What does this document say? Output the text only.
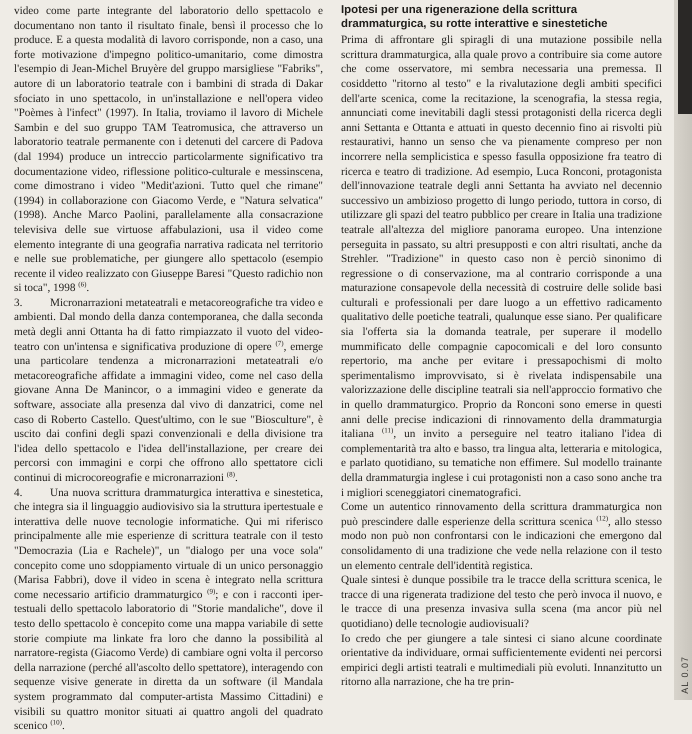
video come parte integrante del laboratorio dello spettacolo e documentano non tanto il risultato finale, bensì il processo che lo produce. E a questa modalità di lavoro corrisponde, non a caso, una forte motivazione d'impegno politico-umanitario, come dimostra l'esempio di Jean-Michel Bruyère del gruppo marsigliese "Fabriks", autore di un laboratorio teatrale con i bambini di strada di Dakar sfociato in uno spettacolo, in un'installazione e nell'opera video "Poèmes à l'infect" (1997). In Italia, troviamo il lavoro di Michele Sambin e del suo gruppo TAM Teatromusica, che attraverso un laboratorio teatrale permanente con i detenuti del carcere di Padova (dal 1994) produce un intreccio particolarmente significativo tra documentazione video, riflessione politico-culturale e messinscena, come dimostrano i video "Medit'azioni. Tutto quel che rimane"(1994) in collaborazione con Giacomo Verde, e "Natura selvatica"(1998). Anche Marco Paolini, parallelamente alla consacrazione televisiva delle sue virtuose affabulazioni, usa il video come elemento integrante di una geografia narrativa radicata nel territorio e nelle sue problematiche, per giungere allo spettacolo (esempio recente il video realizzato con Giuseppe Baresi "Questo radichio non si toca", 1998 $^{(6)}$.

3. Micronarrazioni metateatrali e metacoreografiche tra video e ambienti. Dal mondo della danza contemporanea, che dalla seconda metà degli anni Ottanta ha di fatto rimpiazzato il vuoto del video-teatro con un'intensa e significativa produzione di opere $^{(7)}$, emerge una particolare tendenza a micronarrazioni metateatrali e/o metacoreografiche affidate a immagini video, come nel caso della giovane Anna De Manincor, o a immagini video e generate da software, associate alla presenza dal vivo di danzatrici, come nel caso di Roberto Castello. Quest'ultimo, con le sue "Biosculture", è uscito dai confini degli spazi convenzionali e della divisione tra l'idea dello spettacolo e l'idea dell'installazione, per creare dei percorsi con immagini e corpi che offrono allo spettatore cicli continui di microcoreografie e micronarrazioni $^{(8)}$.

4. Una nuova scrittura drammaturgica interattiva e sinestetica, che integra sia il linguaggio audiovisivo sia la struttura ipertestuale e interattiva delle nuove tecnologie informatiche. Qui mi riferisco principalmente alle mie esperienze di scrittura teatrale con il testo "Democrazia (Lia e Rachele)", un "dialogo per una voce sola" concepito come uno sdoppiamento virtuale di un unico personaggio (Marisa Fabbri), dove il video in scena è integrato nella scrittura come necessario artificio drammaturgico $^{(9)}$; e con i racconti iper-testuali dello spettacolo laboratorio di "Storie mandaliche", dove il testo dello spettacolo è concepito come una mappa variabile di sette storie compiute ma linkate fra loro che danno la possibilità al narratore-regista (Giacomo Verde) di cambiare ogni volta il percorso della narrazione (perché all'ascolto dello spettatore), interagendo con sequenze visive generate in diretta da un software (il Mandala system programmato dal computer-artista Massimo Cittadini) e visibili su quattro monitor situati ai quattro angoli del quadrato scenico $^{(10)}$.

Ipotesi per una rigenerazione della scrittura drammaturgica, su rotte interattive e sinestetiche

Prima di affrontare gli spiragli di una mutazione possibile nella scrittura drammaturgica, alla quale provo a contribuire sia come autore che come osservatore, mi sembra necessaria una premessa. Il cosiddetto "ritorno al testo" e la rivalutazione degli ambiti specifici dell'arte scenica, come la recitazione, la scenografia, la stessa regia, annunciati come inevitabili dagli stessi protagonisti della ricerca degli anni Settanta e Ottanta e attuati in questo decennio fino ai risvolti più restaurativi, hanno un senso che va pienamente compreso per non incorrere nella semplicistica e spesso fasulla opposizione fra teatro di ricerca e teatro di tradizione. Ad esempio, Luca Ronconi, protagonista dell'innovazione teatrale degli anni Settanta ha avviato nel decennio successivo un ambizioso progetto di lungo periodo, tuttora in corso, di utilizzare gli spazi del teatro pubblico per creare in Italia una tradizione teatrale all'altezza del migliore panorama europeo. Una intenzione perseguita in passato, su altri presupposti e con altri risultati, anche da Strehler. "Tradizione" in questo caso non è perciò sinonimo di regressione o di conservazione, ma al contrario corrisponde a una maturazione consapevole della necessità di costruire delle solide basi culturali e professionali per dare luogo a un effettivo radicamento qualitativo delle poetiche teatrali, qualunque esse siano. Per qualificare sia l'offerta sia la domanda teatrale, per superare il modello mummificato delle compagnie capocomicali e del loro consunto repertorio, ma anche per evitare i pressapochismi di molto sperimentalismo improvvisato, si è rivelata indispensabile una valorizzazione delle discipline teatrali sia nell'approccio formativo che in quello drammaturgico. Proprio da Ronconi sono emerse in questi anni delle precise indicazioni di rinnovamento della drammaturgia italiana $^{(11)}$, un invito a perseguire nel teatro italiano l'idea di complementarità tra alto e basso, tra lingua alta, letteraria e mitologica, e parlato quotidiano, su tematiche non effimere. Sul modello trainante della drammaturgia inglese i cui protagonisti non a caso sono anche tra i migliori sceneggiatori cinematografici.

Come un autentico rinnovamento della scrittura drammaturgica non può prescindere dalle esperienze della scrittura scenica $^{(12)}$, allo stesso modo non può non confrontarsi con le indicazioni che emergono dal consolidamento di una tradizione che vede nella relazione con il testo un elemento centrale dell'identità registica.

Quale sintesi è dunque possibile tra le tracce della scrittura scenica, le tracce di una rigenerata tradizione del testo che però invoca il nuovo, e le tracce di una presenza invasiva sulla scena (ma ancor più nel quotidiano) delle tecnologie audiovisuali?

Io credo che per giungere a tale sintesi ci siano alcune coordinate orientative da individuare, ormai sufficientemente evidenti nei percorsi empirici degli artisti teatrali e multimediali più evoluti. Innanzitutto un ritorno alla narrazione, che ha tre prin-	AL 0.07
